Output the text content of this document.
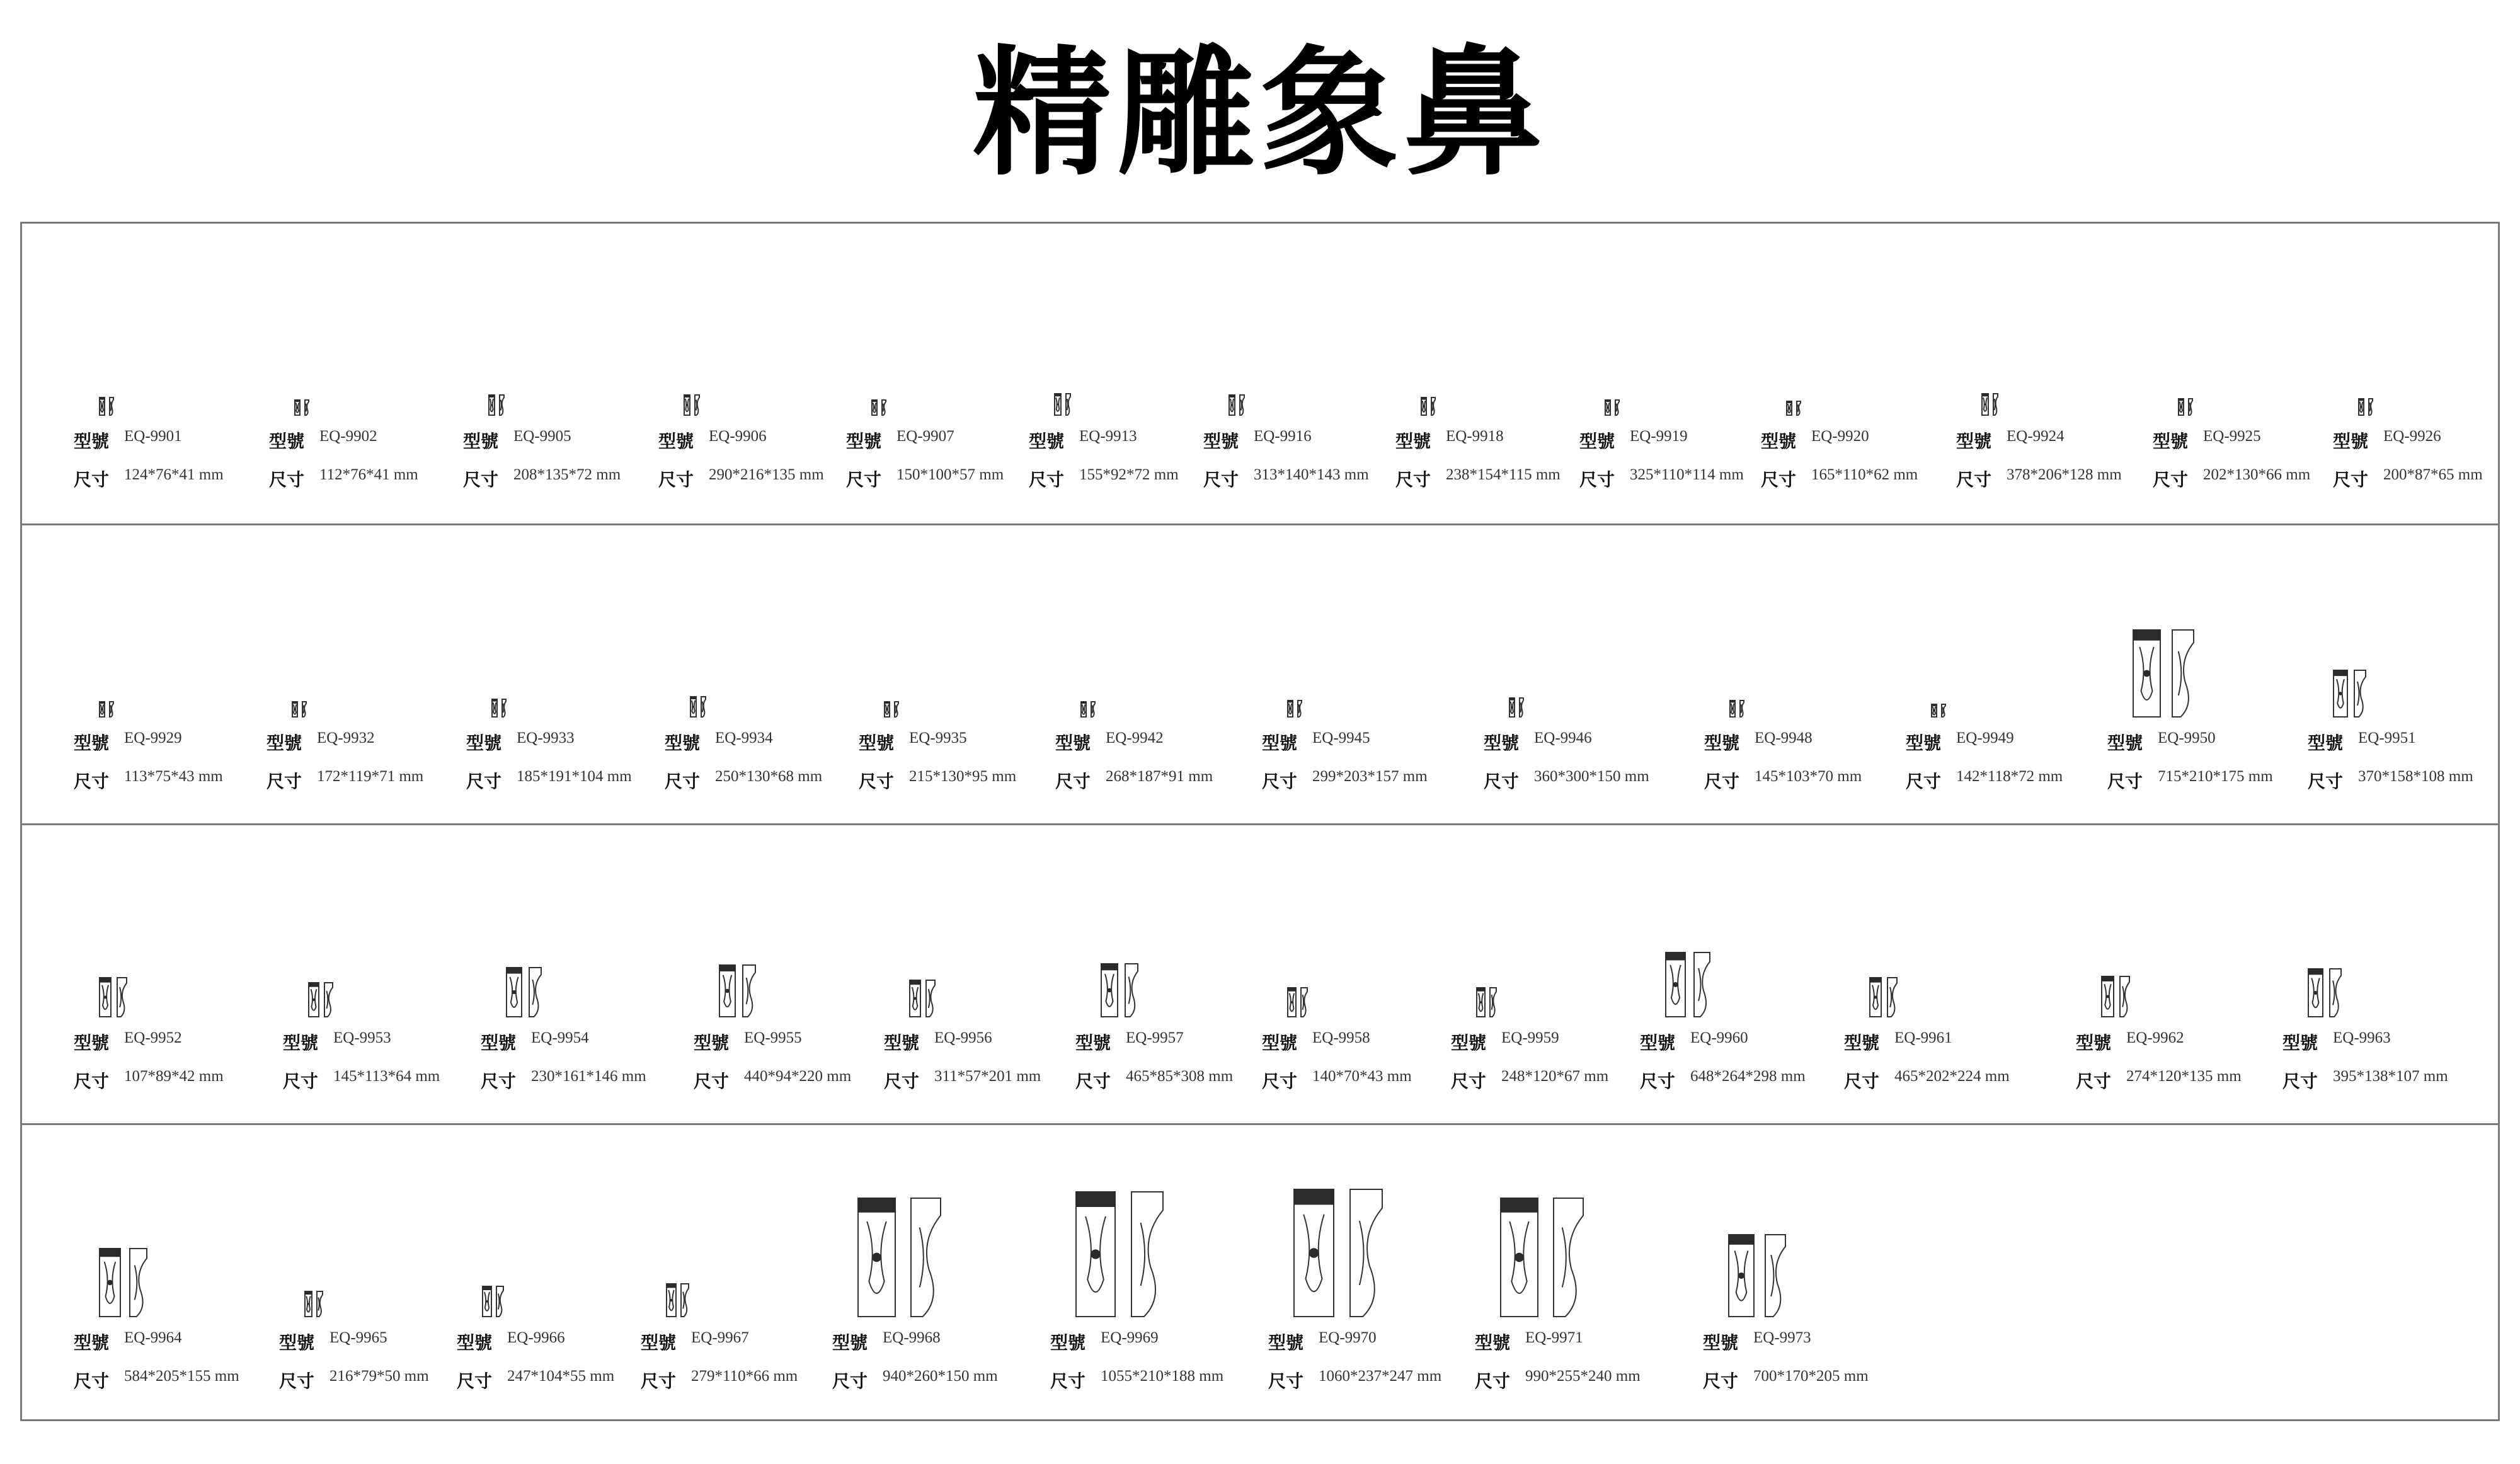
精雕象鼻
型號 EQ-9901
尺寸 124*76*41 mm
型號 EQ-9902
尺寸 112*76*41 mm
型號 EQ-9905
尺寸 208*135*72 mm
型號 EQ-9906
尺寸 290*216*135 mm
型號 EQ-9907
尺寸 150*100*57 mm
型號 EQ-9913
尺寸 155*92*72 mm
型號 EQ-9916
尺寸 313*140*143 mm
型號 EQ-9918
尺寸 238*154*115 mm
型號 EQ-9919
尺寸 325*110*114 mm
型號 EQ-9920
尺寸 165*110*62 mm
型號 EQ-9924
尺寸 378*206*128 mm
型號 EQ-9925
尺寸 202*130*66 mm
型號 EQ-9926
尺寸 200*87*65 mm
型號 EQ-9929
尺寸 113*75*43 mm
型號 EQ-9932
尺寸 172*119*71 mm
型號 EQ-9933
尺寸 185*191*104 mm
型號 EQ-9934
尺寸 250*130*68 mm
型號 EQ-9935
尺寸 215*130*95 mm
型號 EQ-9942
尺寸 268*187*91 mm
型號 EQ-9945
尺寸 299*203*157 mm
型號 EQ-9946
尺寸 360*300*150 mm
型號 EQ-9948
尺寸 145*103*70 mm
型號 EQ-9949
尺寸 142*118*72 mm
型號 EQ-9950
尺寸 715*210*175 mm
型號 EQ-9951
尺寸 370*158*108 mm
型號 EQ-9952
尺寸 107*89*42 mm
型號 EQ-9953
尺寸 145*113*64 mm
型號 EQ-9954
尺寸 230*161*146 mm
型號 EQ-9955
尺寸 440*94*220 mm
型號 EQ-9956
尺寸 311*57*201 mm
型號 EQ-9957
尺寸 465*85*308 mm
型號 EQ-9958
尺寸 140*70*43 mm
型號 EQ-9959
尺寸 248*120*67 mm
型號 EQ-9960
尺寸 648*264*298 mm
型號 EQ-9961
尺寸 465*202*224 mm
型號 EQ-9962
尺寸 274*120*135 mm
型號 EQ-9963
尺寸 395*138*107 mm
型號 EQ-9964
尺寸 584*205*155 mm
型號 EQ-9965
尺寸 216*79*50 mm
型號 EQ-9966
尺寸 247*104*55 mm
型號 EQ-9967
尺寸 279*110*66 mm
型號 EQ-9968
尺寸 940*260*150 mm
型號 EQ-9969
尺寸 1055*210*188 mm
型號 EQ-9970
尺寸 1060*237*247 mm
型號 EQ-9971
尺寸 990*255*240 mm
型號 EQ-9973
尺寸 700*170*205 mm
